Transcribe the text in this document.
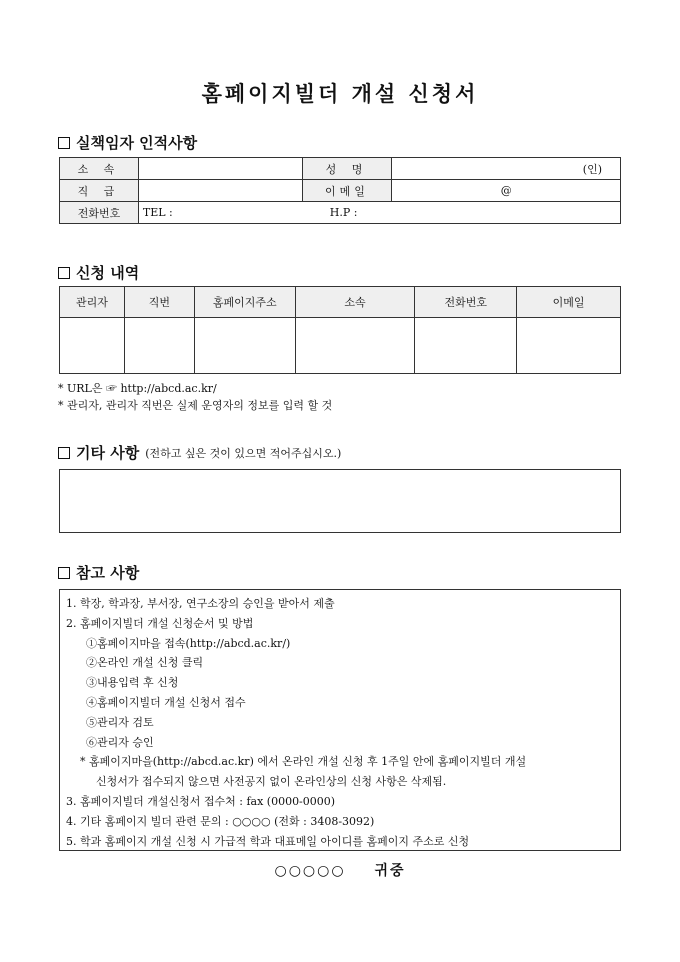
홈페이지빌더 개설 신청서
실책임자 인적사항
소 속		성 명	(인)
직 급		이메일	@
전화번호	TEL : H.P :		
신청 내역
관리자	직번	홈페이지주소	소속	전화번호	이메일

* URL은 ☞ http://abcd.ac.kr/
* 관리자, 관리자 직번은 실제 운영자의 정보를 입력 할 것
기타 사항 (전하고 싶은 것이 있으면 적어주십시오.)
참고 사항
1. 학장, 학과장, 부서장, 연구소장의 승인을 받아서 제출
2. 홈페이지빌더 개설 신청순서 및 방법
①홈페이지마을 접속(http://abcd.ac.kr/)
②온라인 개설 신청 클릭
③내용입력 후 신청
④홈페이지빌더 개설 신청서 접수
⑤관리자 검토
⑥관리자 승인
* 홈페이지마을(http://abcd.ac.kr) 에서 온라인 개설 신청 후 1주일 안에 홈페이지빌더 개설
신청서가 접수되지 않으면 사전공지 없이 온라인상의 신청 사항은 삭제됨.
3. 홈페이지빌더 개설신청서 접수처 : fax (0000-0000)
4. 기타 홈페이지 빌더 관련 문의 : ○○○○ (전화 : 3408-3092)
5. 학과 홈페이지 개설 신청 시 가급적 학과 대표메일 아이디를 홈페이지 주소로 신청
○○○○○ 귀중
